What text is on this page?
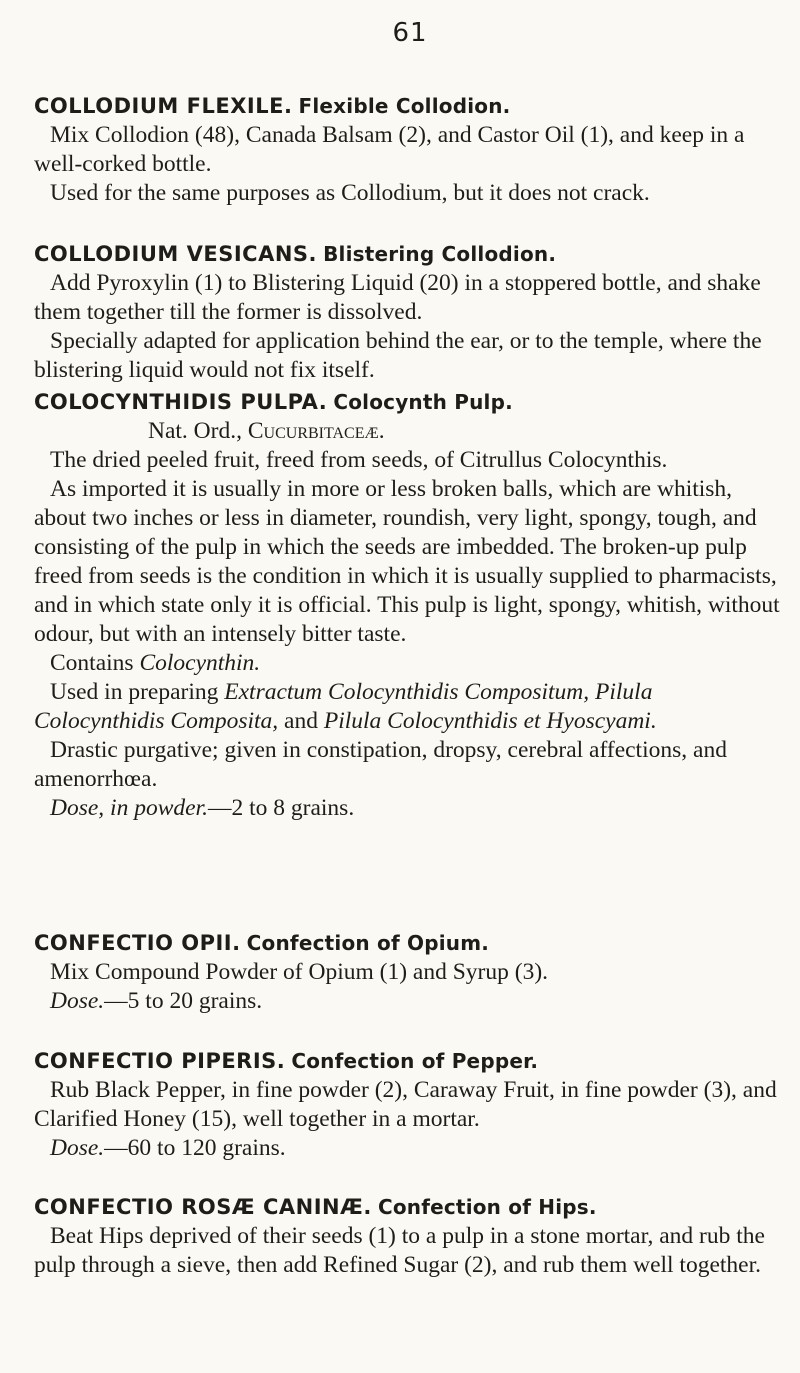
61

COLLODIUM FLEXILE. Flexible Collodion.

Mix Collodion (48), Canada Balsam (2), and Castor Oil (1), and keep in a well-corked bottle.

Used for the same purposes as Collodium, but it does not crack.

COLLODIUM VESICANS. Blistering Collodion.

Add Pyroxylin (1) to Blistering Liquid (20) in a stoppered bottle, and shake them together till the former is dissolved.

Specially adapted for application behind the ear, or to the temple, where the blistering liquid would not fix itself.

COLOCYNTHIDIS PULPA. Colocynth Pulp.

Nat. Ord., Cucurbitaceæ.

The dried peeled fruit, freed from seeds, of Citrullus Colocynthis.

As imported it is usually in more or less broken balls, which are whitish, about two inches or less in diameter, roundish, very light, spongy, tough, and consisting of the pulp in which the seeds are imbedded. The broken-up pulp freed from seeds is the condition in which it is usually supplied to pharmacists, and in which state only it is official. This pulp is light, spongy, whitish, without odour, but with an intensely bitter taste.

Contains Colocynthin.

Used in preparing Extractum Colocynthidis Compositum, Pilula Colocynthidis Composita, and Pilula Colocynthidis et Hyoscyami.

Drastic purgative; given in constipation, dropsy, cerebral affections, and amenorrhœa.

Dose, in powder.—2 to 8 grains.

CONFECTIO OPII. Confection of Opium.

Mix Compound Powder of Opium (1) and Syrup (3).

Dose.—5 to 20 grains.

CONFECTIO PIPERIS. Confection of Pepper.

Rub Black Pepper, in fine powder (2), Caraway Fruit, in fine powder (3), and Clarified Honey (15), well together in a mortar.

Dose.—60 to 120 grains.

CONFECTIO ROSÆ CANINÆ. Confection of Hips.

Beat Hips deprived of their seeds (1) to a pulp in a stone mortar, and rub the pulp through a sieve, then add Refined Sugar (2), and rub them well together.
